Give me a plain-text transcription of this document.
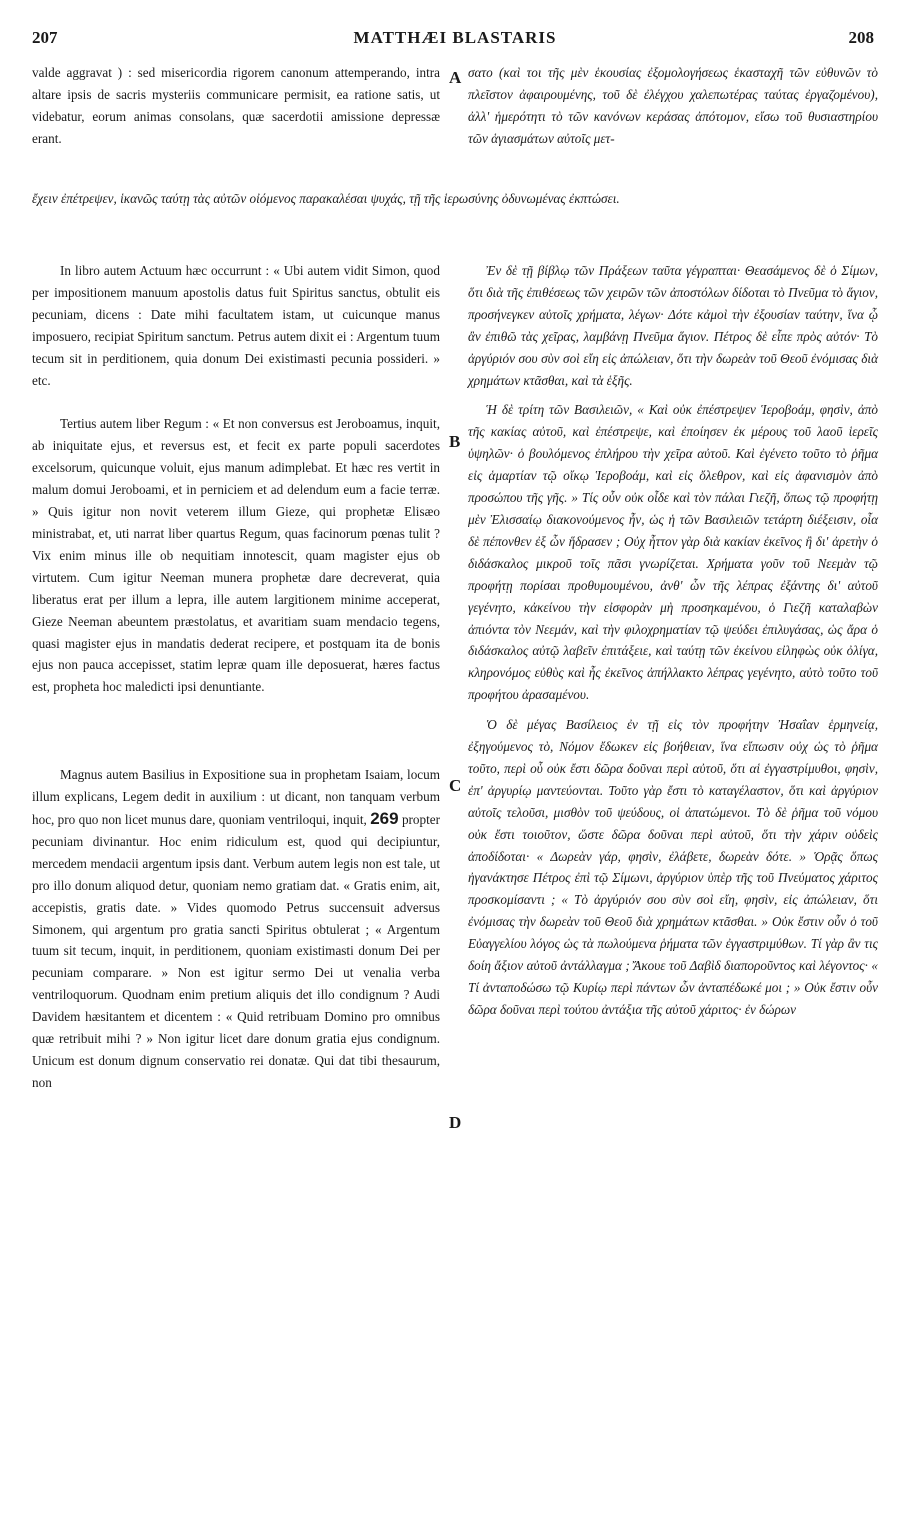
207	MATTHÆI BLASTARIS	208
A
B
C
D

valde aggravat ) : sed misericordia rigorem canonum attemperando, intra altare ipsis de sacris mysteriis communicare permisit, ea ratione satis, ut videbatur, eorum animas consolans, quæ sacerdotii amissione depressæ erant.

In libro autem Actuum hæc occurrunt : « Ubi autem vidit Simon, quod per impositionem manuum apostolis datus fuit Spiritus sanctus, obtulit eis pecuniam, dicens : Date mihi facultatem istam, ut cuicunque manus imposuero, recipiat Spiritum sanctum. Petrus autem dixit ei : Argentum tuum tecum sit in perditionem, quia donum Dei existimasti pecunia possideri. » etc.

Tertius autem liber Regum : « Et non conversus est Jeroboamus, inquit, ab iniquitate ejus, et reversus est, et fecit ex parte populi sacerdotes excelsorum, quicunque voluit, ejus manum adimplebat. Et hæc res vertit in malum domui Jeroboami, et in perniciem et ad delendum eum a facie terræ. » Quis igitur non novit veterem illum Gieze, qui prophetæ Elisæo ministrabat, et, uti narrat liber quartus Regum, quas facinorum pœnas tulit ? Vix enim minus ille ob nequitiam innotescit, quam magister ejus ob virtutem. Cum igitur Neeman munera prophetæ dare decreverat, quia liberatus erat per illum a lepra, ille autem largitionem minime acceperat, Gieze Neeman abeuntem præstolatus, et avaritiam suam mendacio tegens, quasi magister ejus in mandatis dederat recipere, et postquam ita de bonis ejus non pauca accepisset, statim lepræ quam ille deposuerat, hæres factus est, propheta hoc maledicti ipsi denuntiante.

Magnus autem Basilius in Expositione sua in prophetam Isaiam, locum illum explicans, Legem dedit in auxilium : ut dicant, non tanquam verbum hoc, pro quo non licet munus dare, quoniam ventriloqui, inquit, 269 propter pecuniam divinantur. Hoc enim ridiculum est, quod qui decipiuntur, mercedem mendacii argentum ipsis dant. Verbum autem legis non est tale, ut pro illo donum aliquod detur, quoniam nemo gratiam dat. « Gratis enim, ait, accepistis, gratis date. » Vides quomodo Petrus succensuit adversus Simonem, qui argentum pro gratia sancti Spiritus obtulerat ; « Argentum tuum sit tecum, inquit, in perditionem, quoniam existimasti donum Dei per pecuniam comparare. » Non est igitur sermo Dei ut venalia verba ventriloquorum. Quodnam enim pretium aliquis det illo condignum ? Audi Davidem hæsitantem et dicentem : « Quid retribuam Domino pro omnibus quæ retribuit mihi ? » Non igitur licet dare donum gratia ejus condignum. Unicum est donum dignum conservatio rei donatæ. Qui dat tibi thesaurum, non

ἔχειν ἐπέτρεψεν, ἱκανῶς ταύτῃ τὰς αὐτῶν οἰόμενος παρακαλέσαι ψυχάς, τῇ τῆς ἱερωσύνης ὀδυνωμένας ἐκπτώσει.

σατο (καὶ τοι τῆς μὲν ἑκουσίας ἐξομολογήσεως ἑκασταχῆ τῶν εὐθυνῶν τὸ πλεῖστον ἀφαιρουμένης, τοῦ δὲ ἐλέγχου χαλεπωτέρας ταύτας ἐργαζομένου), ἀλλ' ἡμερότητι τὸ τῶν κανόνων κεράσας ἀπότομον, εἴσω τοῦ θυσιαστηρίου τῶν ἁγιασμάτων αὐτοῖς μετ-

Ἐν δὲ τῇ βίβλῳ τῶν Πράξεων ταῦτα γέγραπται· Θεασάμενος δὲ ὁ Σίμων, ὅτι διὰ τῆς ἐπιθέσεως τῶν χειρῶν τῶν ἀποστόλων δίδοται τὸ Πνεῦμα τὸ ἅγιον, προσήνεγκεν αὐτοῖς χρήματα, λέγων· Δότε κἀμοὶ τὴν ἐξουσίαν ταύτην, ἵνα ᾧ ἂν ἐπιθῶ τὰς χεῖρας, λαμβάνῃ Πνεῦμα ἅγιον. Πέτρος δὲ εἶπε πρὸς αὐτόν· Τὸ ἀργύριόν σου σὺν σοὶ εἴη εἰς ἀπώλειαν, ὅτι τὴν δωρεὰν τοῦ Θεοῦ ἐνόμισας διὰ χρημάτων κτᾶσθαι, καὶ τὰ ἑξῆς.

Ἡ δὲ τρίτη τῶν Βασιλειῶν, « Καὶ οὐκ ἐπέστρεψεν Ἱεροβοάμ, φησὶν, ἀπὸ τῆς κακίας αὐτοῦ, καὶ ἐπέστρεψε, καὶ ἐποίησεν ἐκ μέρους τοῦ λαοῦ ἱερεῖς ὑψηλῶν· ὁ βουλόμενος ἐπλήρου τὴν χεῖρα αὐτοῦ. Καὶ ἐγένετο τοῦτο τὸ ῥῆμα εἰς ἁμαρτίαν τῷ οἴκῳ Ἱεροβοάμ, καὶ εἰς ὄλεθρον, καὶ εἰς ἀφανισμὸν ἀπὸ προσώπου τῆς γῆς. » Τίς οὖν οὐκ οἶδε καὶ τὸν πάλαι Γιεζῆ, ὅπως τῷ προφήτῃ μὲν Ἐλισσαίῳ διακονούμενος ἦν, ὡς ἡ τῶν Βασιλειῶν τετάρτη διέξεισιν, οἷα δὲ πέπονθεν ἐξ ὧν ἥδρασεν ; Οὐχ ἧττον γὰρ διὰ κακίαν ἐκεῖνος ἢ δι' ἀρετὴν ὁ διδάσκαλος μικροῦ τοῖς πᾶσι γνωρίζεται. Χρήματα γοῦν τοῦ Νεεμὰν τῷ προφήτῃ πορίσαι προθυμουμένου, ἀνθ' ὧν τῆς λέπρας ἐξάντης δι' αὐτοῦ γεγένητο, κἀκείνου τὴν εἰσφορὰν μὴ προσηκαμένου, ὁ Γιεζῆ καταλαβὼν ἀπιόντα τὸν Νεεμάν, καὶ τὴν φιλοχρηματίαν τῷ ψεύδει ἐπιλυγάσας, ὡς ἄρα ὁ διδάσκαλος αὐτῷ λαβεῖν ἐπιτάξειε, καὶ ταύτῃ τῶν ἐκείνου εἰληφὼς οὐκ ὀλίγα, κληρονόμος εὐθὺς καὶ ἧς ἐκεῖνος ἀπήλλακτο λέπρας γεγένητο, αὐτὸ τοῦτο τοῦ προφήτου ἀρασαμένου.

Ὁ δὲ μέγας Βασίλειος ἐν τῇ εἰς τὸν προφήτην Ἠσαΐαν ἑρμηνείᾳ, ἐξηγούμενος τὸ, Νόμον ἔδωκεν εἰς βοήθειαν, ἵνα εἴπωσιν οὐχ ὡς τὸ ῥῆμα τοῦτο, περὶ οὗ οὐκ ἔστι δῶρα δοῦναι περὶ αὐτοῦ, ὅτι αἱ ἐγγαστρίμυθοι, φησὶν, ἐπ' ἀργυρίῳ μαντεύονται. Τοῦτο γὰρ ἔστι τὸ καταγέλαστον, ὅτι καὶ ἀργύριον αὐτοῖς τελοῦσι, μισθὸν τοῦ ψεύδους, οἱ ἀπατώμενοι. Τὸ δὲ ῥῆμα τοῦ νόμου οὐκ ἔστι τοιοῦτον, ὥστε δῶρα δοῦναι περὶ αὐτοῦ, ὅτι τὴν χάριν οὐδεὶς ἀποδίδοται· « Δωρεὰν γάρ, φησὶν, ἐλάβετε, δωρεὰν δότε. » Ὁρᾷς ὅπως ἠγανάκτησε Πέτρος ἐπὶ τῷ Σίμωνι, ἀργύριον ὑπὲρ τῆς τοῦ Πνεύματος χάριτος προσκομίσαντι ; « Τὸ ἀργύριόν σου σὺν σοὶ εἴη, φησὶν, εἰς ἀπώλειαν, ὅτι ἐνόμισας τὴν δωρεὰν τοῦ Θεοῦ διὰ χρημάτων κτᾶσθαι. » Οὐκ ἔστιν οὖν ὁ τοῦ Εὐαγγελίου λόγος ὡς τὰ πωλούμενα ῥήματα τῶν ἐγγαστριμύθων. Τί γὰρ ἂν τις δοίη ἄξιον αὐτοῦ ἀντάλλαγμα ; Ἄκουε τοῦ Δαβὶδ διαπορoῦντος καὶ λέγοντος· « Τί ἀνταποδώσω τῷ Κυρίῳ περὶ πάντων ὧν ἀνταπέδωκέ μοι ; » Οὐκ ἔστιν οὖν δῶρα δοῦναι περὶ τούτου ἀντάξια τῆς αὐτοῦ χάριτος· ἐν δώρων
